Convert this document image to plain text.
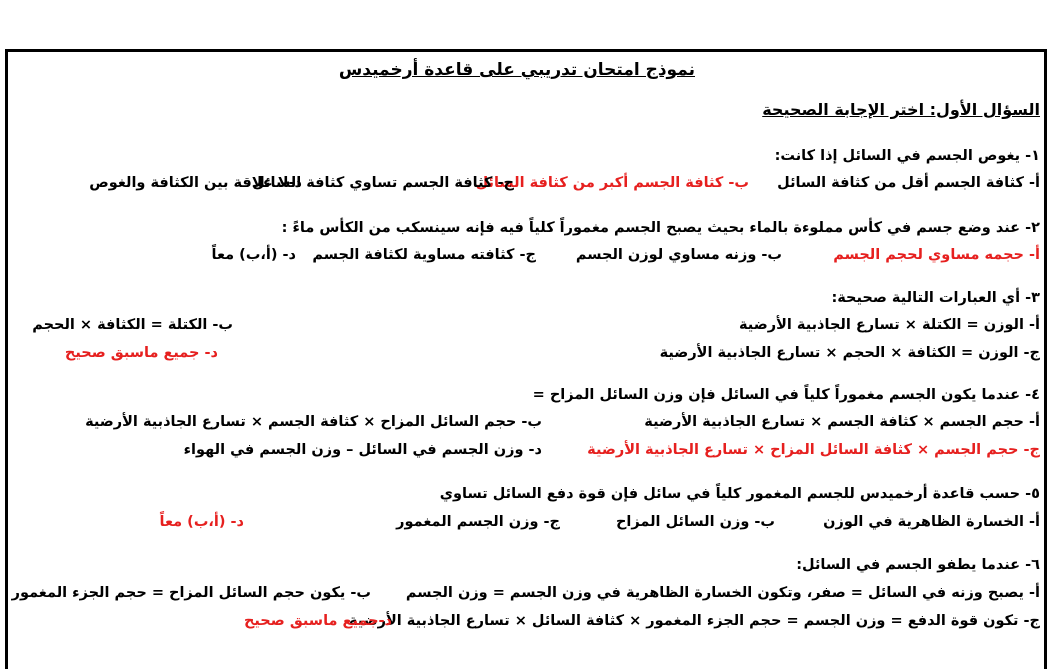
نموذج امتحان تدريبي على قاعدة أرخميدس
السؤال الأول: اختر الإجابة الصحيحة
١- يغوص الجسم في السائل إذا كانت:
أ- كثافة الجسم أقل من كثافة السائل
ب- كثافة الجسم أكبر من كثافة السائل
ج- كثافة الجسم تساوي كثافة السائل
د-لا علاقة بين الكثافة والغوص
٢- عند وضع جسم في كأس مملوءة بالماء بحيث يصبح الجسم مغموراً كلياً فيه فإنه سينسكب من الكأس ماءً :
أ- حجمه مساوي لحجم الجسم
ب- وزنه مساوي لوزن الجسم
ج- كثافته مساوية لكثافة الجسم
د- (أ،ب) معاً
٣- أي العبارات التالية صحيحة:
أ- الوزن = الكتلة × تسارع الجاذبية الأرضية
ب- الكتلة = الكثافة × الحجم
ج- الوزن = الكثافة × الحجم × تسارع الجاذبية الأرضية
د- جميع ماسبق صحيح
٤- عندما يكون الجسم مغموراً كلياً في السائل فإن وزن السائل المزاح =
أ- حجم الجسم × كثافة الجسم × تسارع الجاذبية الأرضية
ب- حجم السائل المزاح × كثافة الجسم × تسارع الجاذبية الأرضية
ج- حجم الجسم × كثافة السائل المزاح × تسارع الجاذبية الأرضية
د- وزن الجسم في السائل – وزن الجسم في الهواء
٥- حسب قاعدة أرخميدس للجسم المغمور كلياً في سائل فإن قوة دفع السائل تساوي
أ- الخسارة الظاهرية في الوزن
ب- وزن السائل المزاح
ج- وزن الجسم المغمور
د- (أ،ب) معاً
٦- عندما يطفو الجسم في السائل:
أ- يصبح وزنه في السائل = صفر، وتكون الخسارة الظاهرية في وزن الجسم = وزن الجسم
ب- يكون حجم السائل المزاح = حجم الجزء المغمور
ج- تكون قوة الدفع = وزن الجسم = حجم الجزء المغمور × كثافة السائل × تسارع الجاذبية الأرضية
د-جميع ماسبق صحيح
